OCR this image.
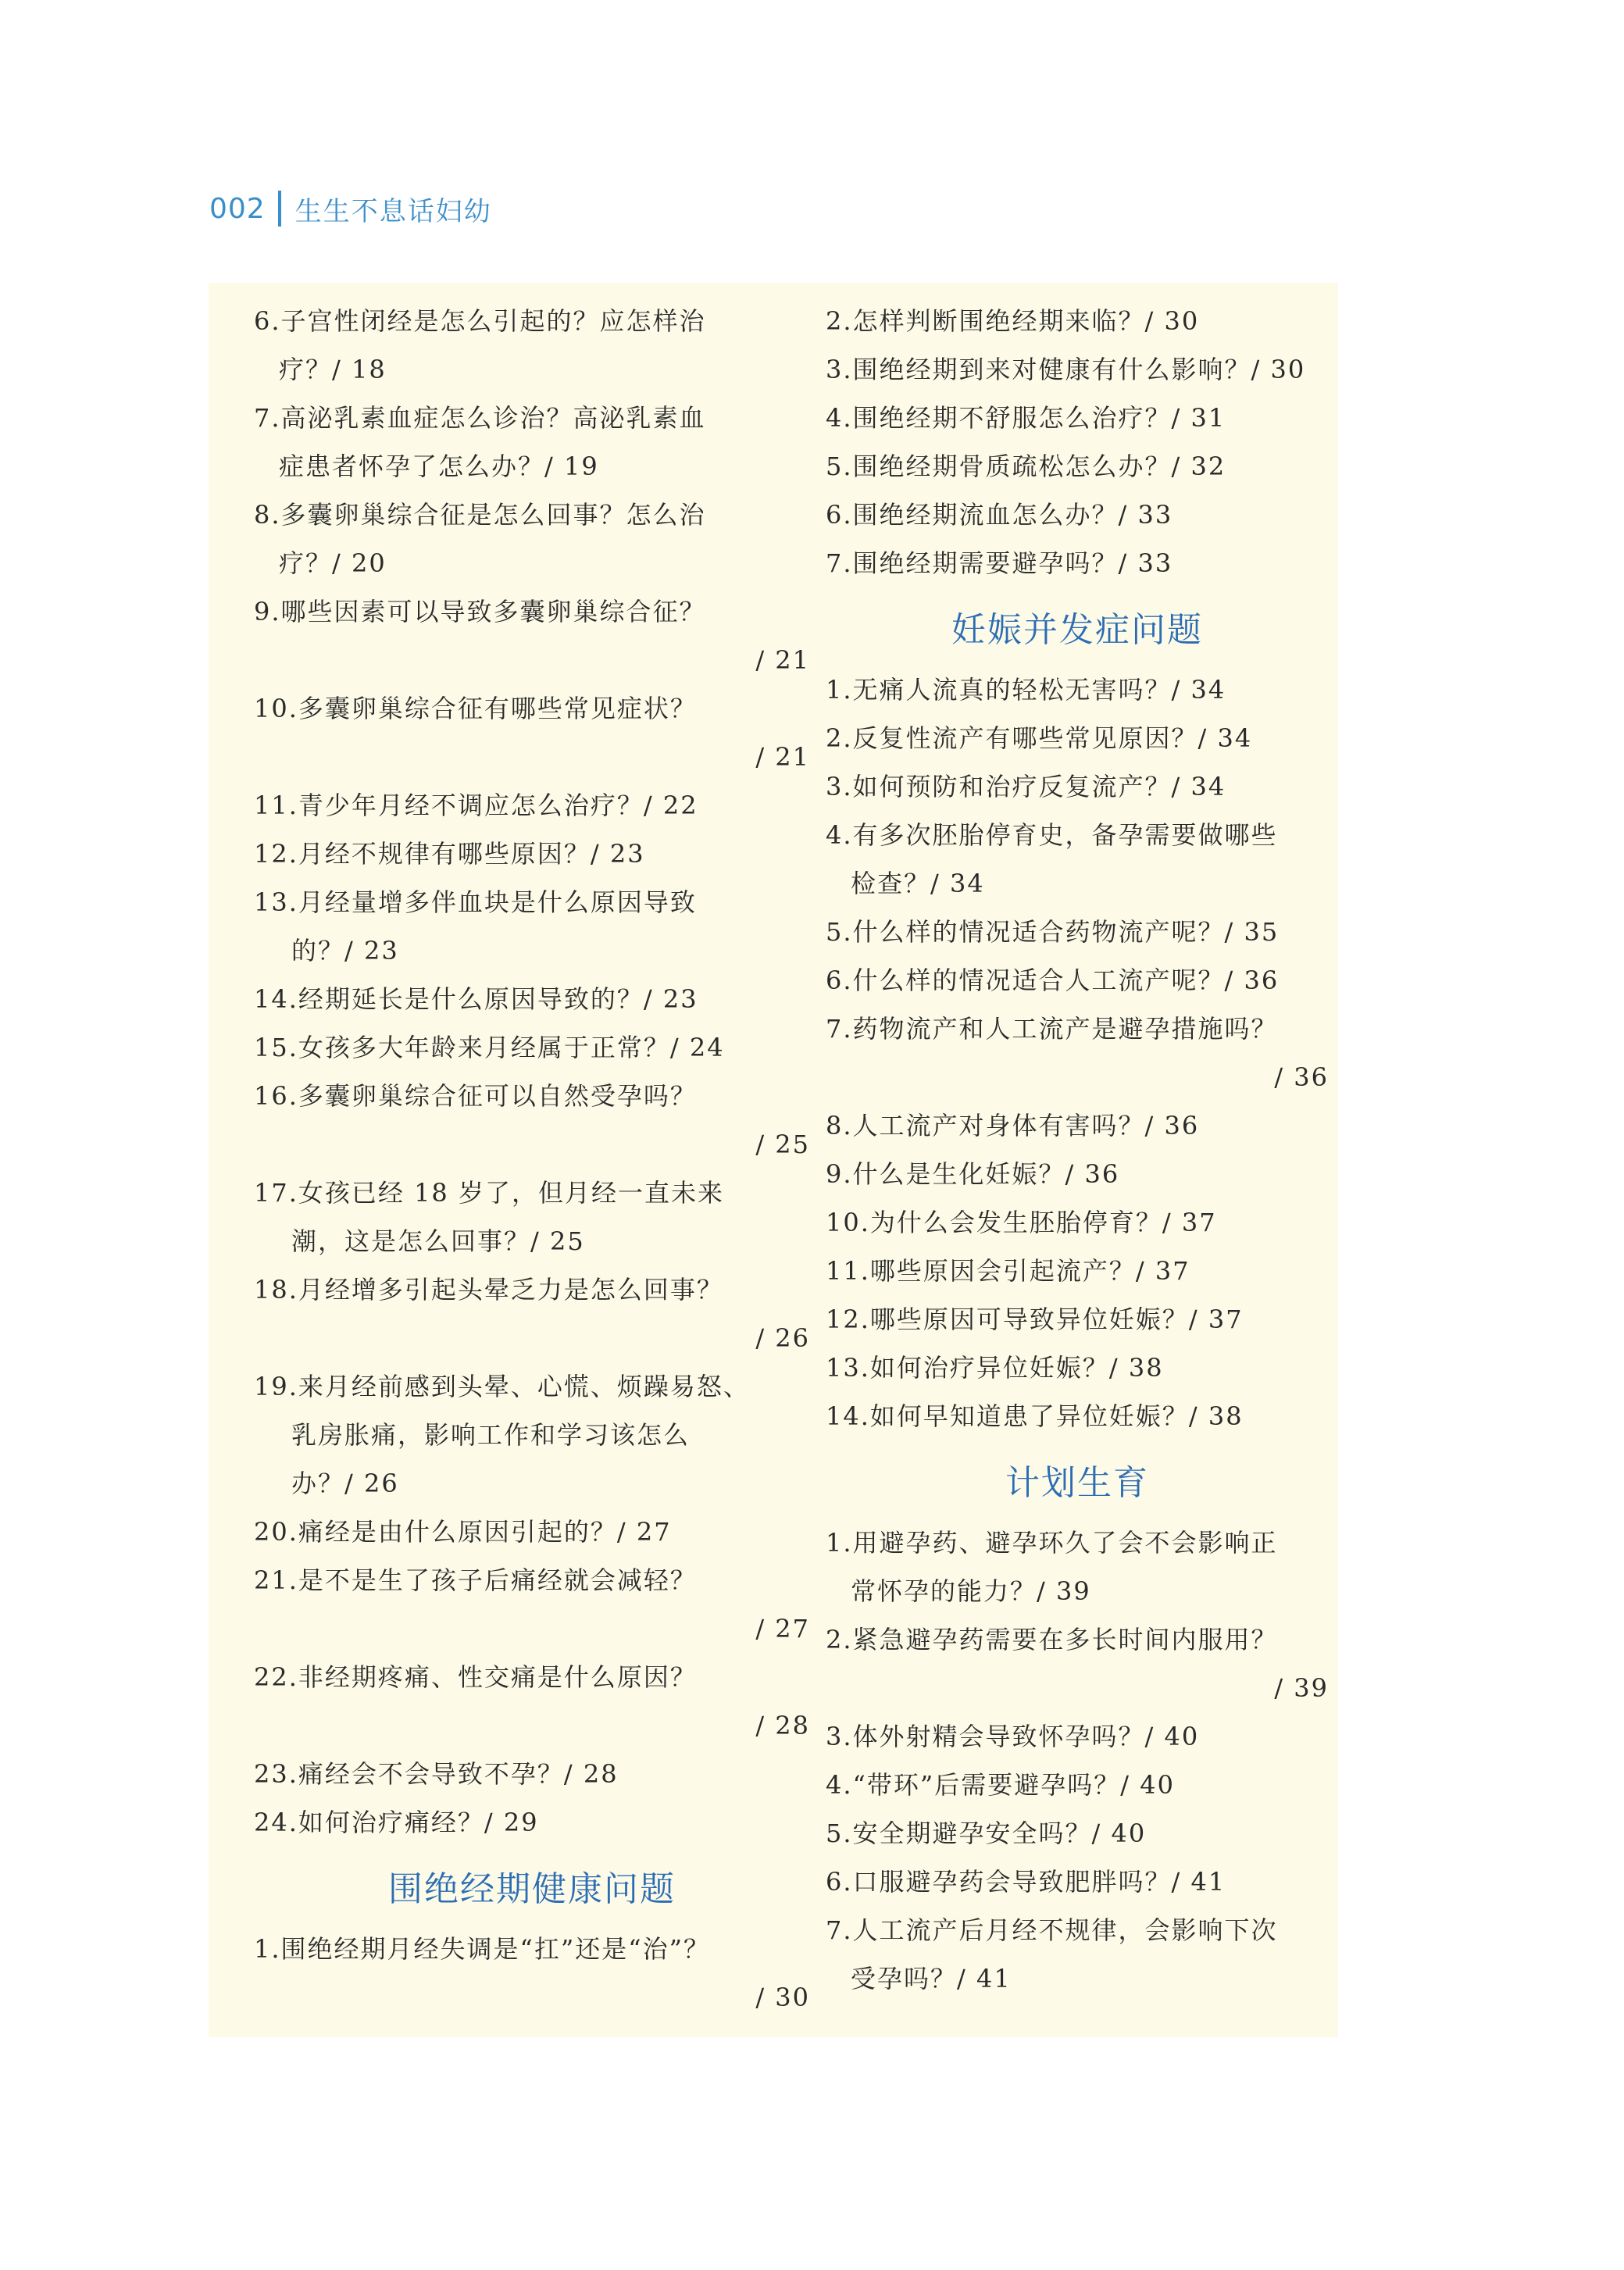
002 生生不息话妇幼
6.子宫性闭经是怎么引起的？应怎样治
疗？/ 18
7.高泌乳素血症怎么诊治？高泌乳素血
症患者怀孕了怎么办？/ 19
8.多囊卵巢综合征是怎么回事？怎么治
疗？/ 20
9.哪些因素可以导致多囊卵巢综合征？
/ 21
10.多囊卵巢综合征有哪些常见症状？
/ 21
11.青少年月经不调应怎么治疗？/ 22
12.月经不规律有哪些原因？/ 23
13.月经量增多伴血块是什么原因导致
的？/ 23
14.经期延长是什么原因导致的？/ 23
15.女孩多大年龄来月经属于正常？/ 24
16.多囊卵巢综合征可以自然受孕吗？
/ 25
17.女孩已经 18 岁了，但月经一直未来
潮，这是怎么回事？/ 25
18.月经增多引起头晕乏力是怎么回事？
/ 26
19.来月经前感到头晕、心慌、烦躁易怒、
乳房胀痛，影响工作和学习该怎么
办？/ 26
20.痛经是由什么原因引起的？/ 27
21.是不是生了孩子后痛经就会减轻？
/ 27
22.非经期疼痛、性交痛是什么原因？
/ 28
23.痛经会不会导致不孕？/ 28
24.如何治疗痛经？/ 29
围绝经期健康问题
1.围绝经期月经失调是“扛”还是“治”？
/ 30
2.怎样判断围绝经期来临？/ 30
3.围绝经期到来对健康有什么影响？/ 30
4.围绝经期不舒服怎么治疗？/ 31
5.围绝经期骨质疏松怎么办？/ 32
6.围绝经期流血怎么办？/ 33
7.围绝经期需要避孕吗？/ 33
妊娠并发症问题
1.无痛人流真的轻松无害吗？/ 34
2.反复性流产有哪些常见原因？/ 34
3.如何预防和治疗反复流产？/ 34
4.有多次胚胎停育史，备孕需要做哪些
检查？/ 34
5.什么样的情况适合药物流产呢？/ 35
6.什么样的情况适合人工流产呢？/ 36
7.药物流产和人工流产是避孕措施吗？
/ 36
8.人工流产对身体有害吗？/ 36
9.什么是生化妊娠？/ 36
10.为什么会发生胚胎停育？/ 37
11.哪些原因会引起流产？/ 37
12.哪些原因可导致异位妊娠？/ 37
13.如何治疗异位妊娠？/ 38
14.如何早知道患了异位妊娠？/ 38
计划生育
1.用避孕药、避孕环久了会不会影响正
常怀孕的能力？/ 39
2.紧急避孕药需要在多长时间内服用？
/ 39
3.体外射精会导致怀孕吗？/ 40
4.“带环”后需要避孕吗？/ 40
5.安全期避孕安全吗？/ 40
6.口服避孕药会导致肥胖吗？/ 41
7.人工流产后月经不规律，会影响下次
受孕吗？/ 41
